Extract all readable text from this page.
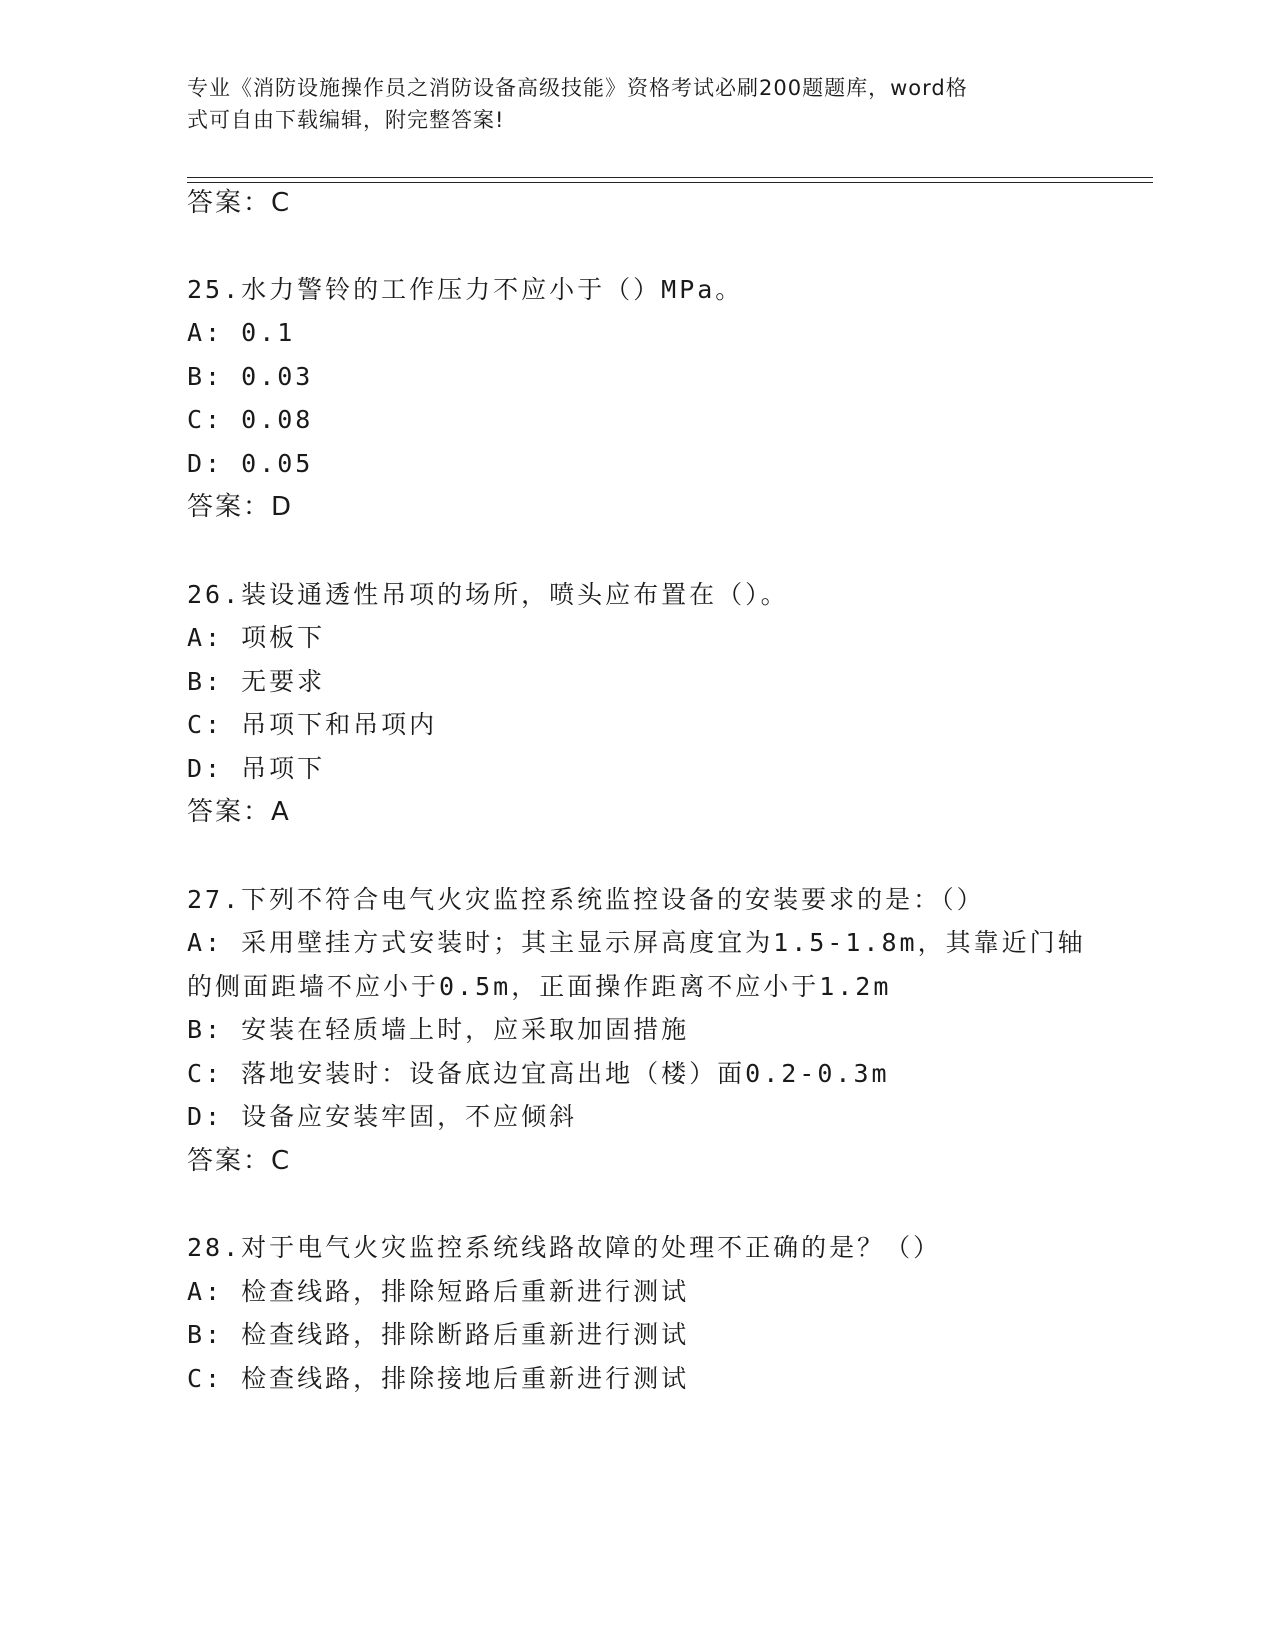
专业《消防设施操作员之消防设备高级技能》资格考试必刷200题题库，word格
式可自由下载编辑，附完整答案!
答案：C
25.水力警铃的工作压力不应小于（）MPa。
A: 0.1
B: 0.03
C: 0.08
D: 0.05
答案：D
26.装设通透性吊项的场所，喷头应布置在（）。
A: 项板下
B: 无要求
C: 吊项下和吊项内
D: 吊项下
答案：A
27.下列不符合电气火灾监控系统监控设备的安装要求的是：（）
A: 采用壁挂方式安装时；其主显示屏高度宜为1.5-1.8m，其靠近门轴
的侧面距墙不应小于0.5m，正面操作距离不应小于1.2m
B: 安装在轻质墙上时，应采取加固措施
C: 落地安装时：设备底边宜高出地（楼）面0.2-0.3m
D: 设备应安装牢固，不应倾斜
答案：C
28.对于电气火灾监控系统线路故障的处理不正确的是？（）
A: 检查线路，排除短路后重新进行测试
B: 检查线路，排除断路后重新进行测试
C: 检查线路，排除接地后重新进行测试
